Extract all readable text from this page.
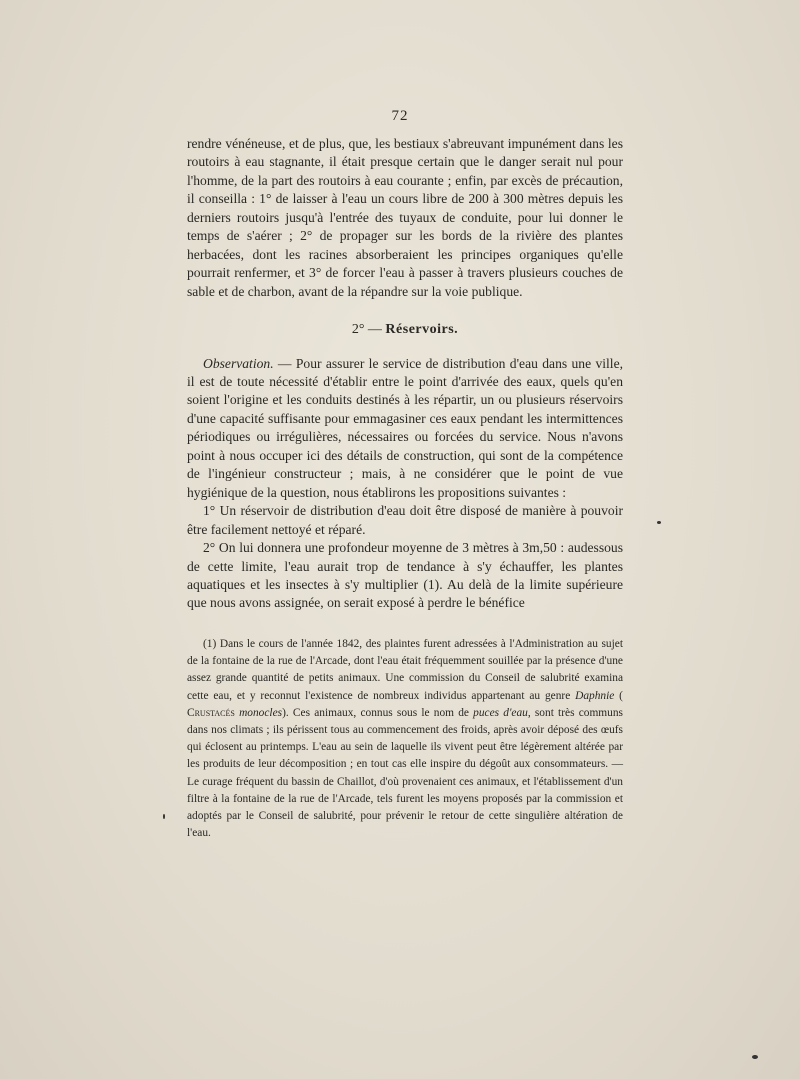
72

rendre vénéneuse, et de plus, que, les bestiaux s'abreuvant impunément dans les routoirs à eau stagnante, il était presque certain que le danger serait nul pour l'homme, de la part des routoirs à eau courante ; enfin, par excès de précaution, il conseilla : 1° de laisser à l'eau un cours libre de 200 à 300 mètres depuis les derniers routoirs jusqu'à l'entrée des tuyaux de conduite, pour lui donner le temps de s'aérer ; 2° de propager sur les bords de la rivière des plantes herbacées, dont les racines absorberaient les principes organiques qu'elle pourrait renfermer, et 3° de forcer l'eau à passer à travers plusieurs couches de sable et de charbon, avant de la répandre sur la voie publique.

2° — Réservoirs.

Observation. — Pour assurer le service de distribution d'eau dans une ville, il est de toute nécessité d'établir entre le point d'arrivée des eaux, quels qu'en soient l'origine et les conduits destinés à les répartir, un ou plusieurs réservoirs d'une capacité suffisante pour emmagasiner ces eaux pendant les intermittences périodiques ou irrégulières, nécessaires ou forcées du service. Nous n'avons point à nous occuper ici des détails de construction, qui sont de la compétence de l'ingénieur constructeur ; mais, à ne considérer que le point de vue hygiénique de la question, nous établirons les propositions suivantes :

1° Un réservoir de distribution d'eau doit être disposé de manière à pouvoir être facilement nettoyé et réparé.

2° On lui donnera une profondeur moyenne de 3 mètres à 3m,50 : audessous de cette limite, l'eau aurait trop de tendance à s'y échauffer, les plantes aquatiques et les insectes à s'y multiplier (1). Au delà de la limite supérieure que nous avons assignée, on serait exposé à perdre le bénéfice

(1) Dans le cours de l'année 1842, des plaintes furent adressées à l'Administration au sujet de la fontaine de la rue de l'Arcade, dont l'eau était fréquemment souillée par la présence d'une assez grande quantité de petits animaux. Une commission du Conseil de salubrité examina cette eau, et y reconnut l'existence de nombreux individus appartenant au genre Daphnie ( Crustacés monocles). Ces animaux, connus sous le nom de puces d'eau, sont très communs dans nos climats ; ils périssent tous au commencement des froids, après avoir déposé des œufs qui éclosent au printemps. L'eau au sein de laquelle ils vivent peut être légèrement altérée par les produits de leur décomposition ; en tout cas elle inspire du dégoût aux consommateurs. — Le curage fréquent du bassin de Chaillot, d'où provenaient ces animaux, et l'établissement d'un filtre à la fontaine de la rue de l'Arcade, tels furent les moyens proposés par la commission et adoptés par le Conseil de salubrité, pour prévenir le retour de cette singulière altération de l'eau.
